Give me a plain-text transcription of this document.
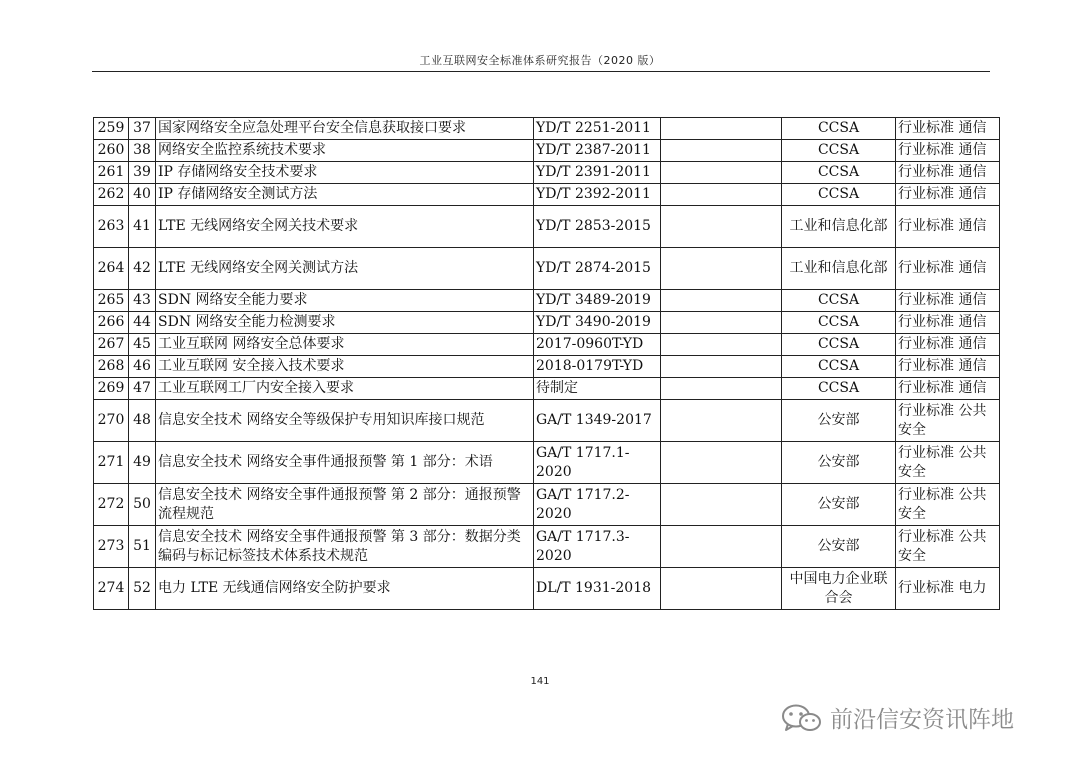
工业互联网安全标准体系研究报告（2020 版）
259	37	国家网络安全应急处理平台安全信息获取接口要求	YD/T 2251-2011		CCSA	行业标准 通信
260	38	网络安全监控系统技术要求	YD/T 2387-2011		CCSA	行业标准 通信
261	39	IP 存储网络安全技术要求	YD/T 2391-2011		CCSA	行业标准 通信
262	40	IP 存储网络安全测试方法	YD/T 2392-2011		CCSA	行业标准 通信
263	41	LTE 无线网络安全网关技术要求	YD/T 2853-2015		工业和信息化部	行业标准 通信
264	42	LTE 无线网络安全网关测试方法	YD/T 2874-2015		工业和信息化部	行业标准 通信
265	43	SDN 网络安全能力要求	YD/T 3489-2019		CCSA	行业标准 通信
266	44	SDN 网络安全能力检测要求	YD/T 3490-2019		CCSA	行业标准 通信
267	45	工业互联网 网络安全总体要求	2017-0960T-YD		CCSA	行业标准 通信
268	46	工业互联网 安全接入技术要求	2018-0179T-YD		CCSA	行业标准 通信
269	47	工业互联网工厂内安全接入要求	待制定		CCSA	行业标准 通信
270	48	信息安全技术 网络安全等级保护专用知识库接口规范	GA/T 1349-2017		公安部	行业标准 公共安全
271	49	信息安全技术 网络安全事件通报预警 第 1 部分：术语	GA/T 1717.1-2020		公安部	行业标准 公共安全
272	50	信息安全技术 网络安全事件通报预警 第 2 部分：通报预警流程规范	GA/T 1717.2-2020		公安部	行业标准 公共安全
273	51	信息安全技术 网络安全事件通报预警 第 3 部分：数据分类编码与标记标签技术体系技术规范	GA/T 1717.3-2020		公安部	行业标准 公共安全
274	52	电力 LTE 无线通信网络安全防护要求	DL/T 1931-2018		中国电力企业联合会	行业标准 电力
141
前沿信安资讯阵地
